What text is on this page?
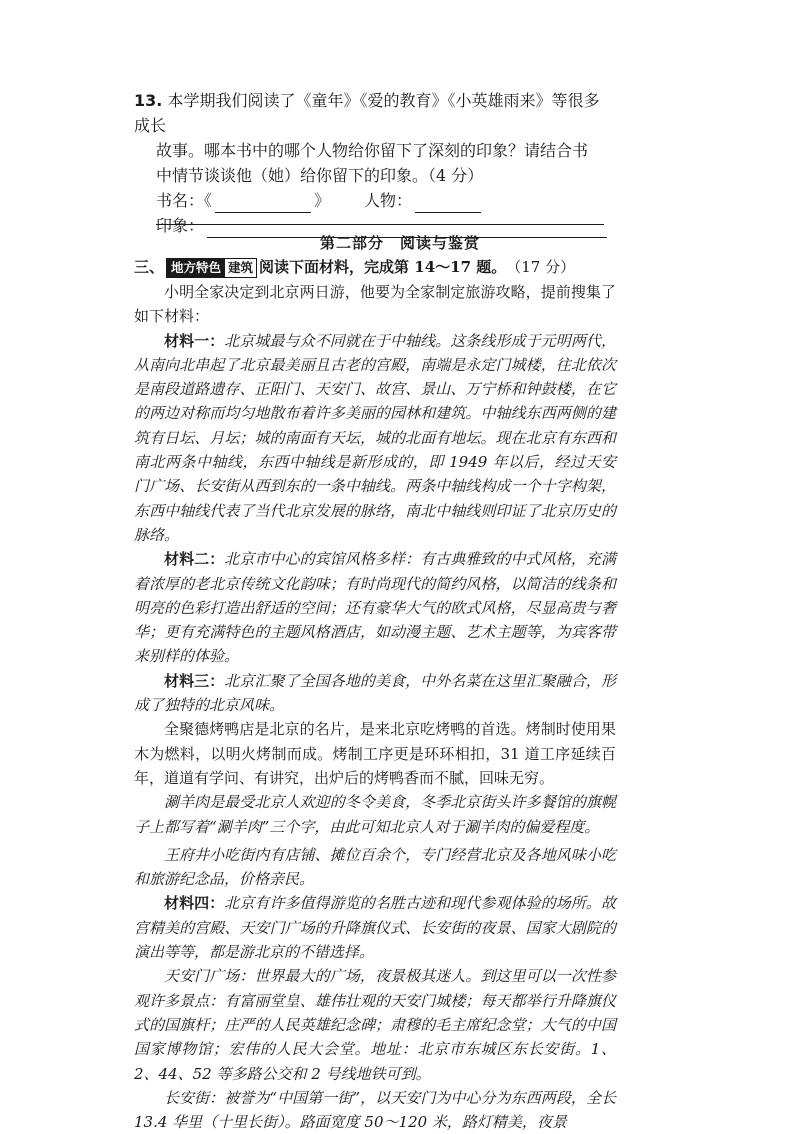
13. 本学期我们阅读了《童年》《爱的教育》《小英雄雨来》等很多成长
故事。哪本书中的哪个人物给你留下了深刻的印象？请结合书
中情节谈谈他（她）给你留下的印象。（4 分）
书名：《	》 人物：
印象：
第二部分 阅读与鉴赏
三、 地方特色 建筑 阅读下面材料，完成第 14～17 题。 （17 分）

小明全家决定到北京两日游，他要为全家制定旅游攻略，提前搜集了如下材料：

材料一：北京城最与众不同就在于中轴线。这条线形成于元明两代，从南向北串起了北京最美丽且古老的宫殿，南端是永定门城楼，往北依次是南段道路遗存、正阳门、天安门、故宫、景山、万宁桥和钟鼓楼，在它的两边对称而均匀地散布着许多美丽的园林和建筑。中轴线东西两侧的建筑有日坛、月坛；城的南面有天坛，城的北面有地坛。现在北京有东西和南北两条中轴线，东西中轴线是新形成的，即 1949 年以后，经过天安门广场、长安街从西到东的一条中轴线。两条中轴线构成一个十字构架，东西中轴线代表了当代北京发展的脉络，南北中轴线则印证了北京历史的脉络。

材料二：北京市中心的宾馆风格多样：有古典雅致的中式风格，充满着浓厚的老北京传统文化韵味；有时尚现代的简约风格，以简洁的线条和明亮的色彩打造出舒适的空间；还有豪华大气的欧式风格，尽显高贵与奢华；更有充满特色的主题风格酒店，如动漫主题、艺术主题等，为宾客带来别样的体验。

材料三：北京汇聚了全国各地的美食，中外名菜在这里汇聚融合，形成了独特的北京风味。

全聚德烤鸭店是北京的名片，是来北京吃烤鸭的首选。烤制时使用果木为燃料，以明火烤制而成。烤制工序更是环环相扣，31 道工序延续百年，道道有学问、有讲究，出炉后的烤鸭香而不腻，回味无穷。

涮羊肉是最受北京人欢迎的冬令美食，冬季北京街头许多餐馆的旗幌子上都写着“涮羊肉”三个字，由此可知北京人对于涮羊肉的偏爱程度。

王府井小吃街内有店铺、摊位百余个，专门经营北京及各地风味小吃和旅游纪念品，价格亲民。

材料四：北京有许多值得游览的名胜古迹和现代参观体验的场所。故宫精美的宫殿、天安门广场的升降旗仪式、长安街的夜景、国家大剧院的演出等等，都是游北京的不错选择。

天安门广场：世界最大的广场，夜景极其迷人。到这里可以一次性参观许多景点：有富丽堂皇、雄伟壮观的天安门城楼；每天都举行升降旗仪式的国旗杆；庄严的人民英雄纪念碑；肃穆的毛主席纪念堂；大气的中国国家博物馆；宏伟的人民大会堂。地址：北京市东城区东长安街。1、2、44、52 等多路公交和 2 号线地铁可到。

长安街：被誉为“中国第一街”，以天安门为中心分为东西两段，全长 13.4 华里（十里长街）。路面宽度 50～120 米，路灯精美，夜景
